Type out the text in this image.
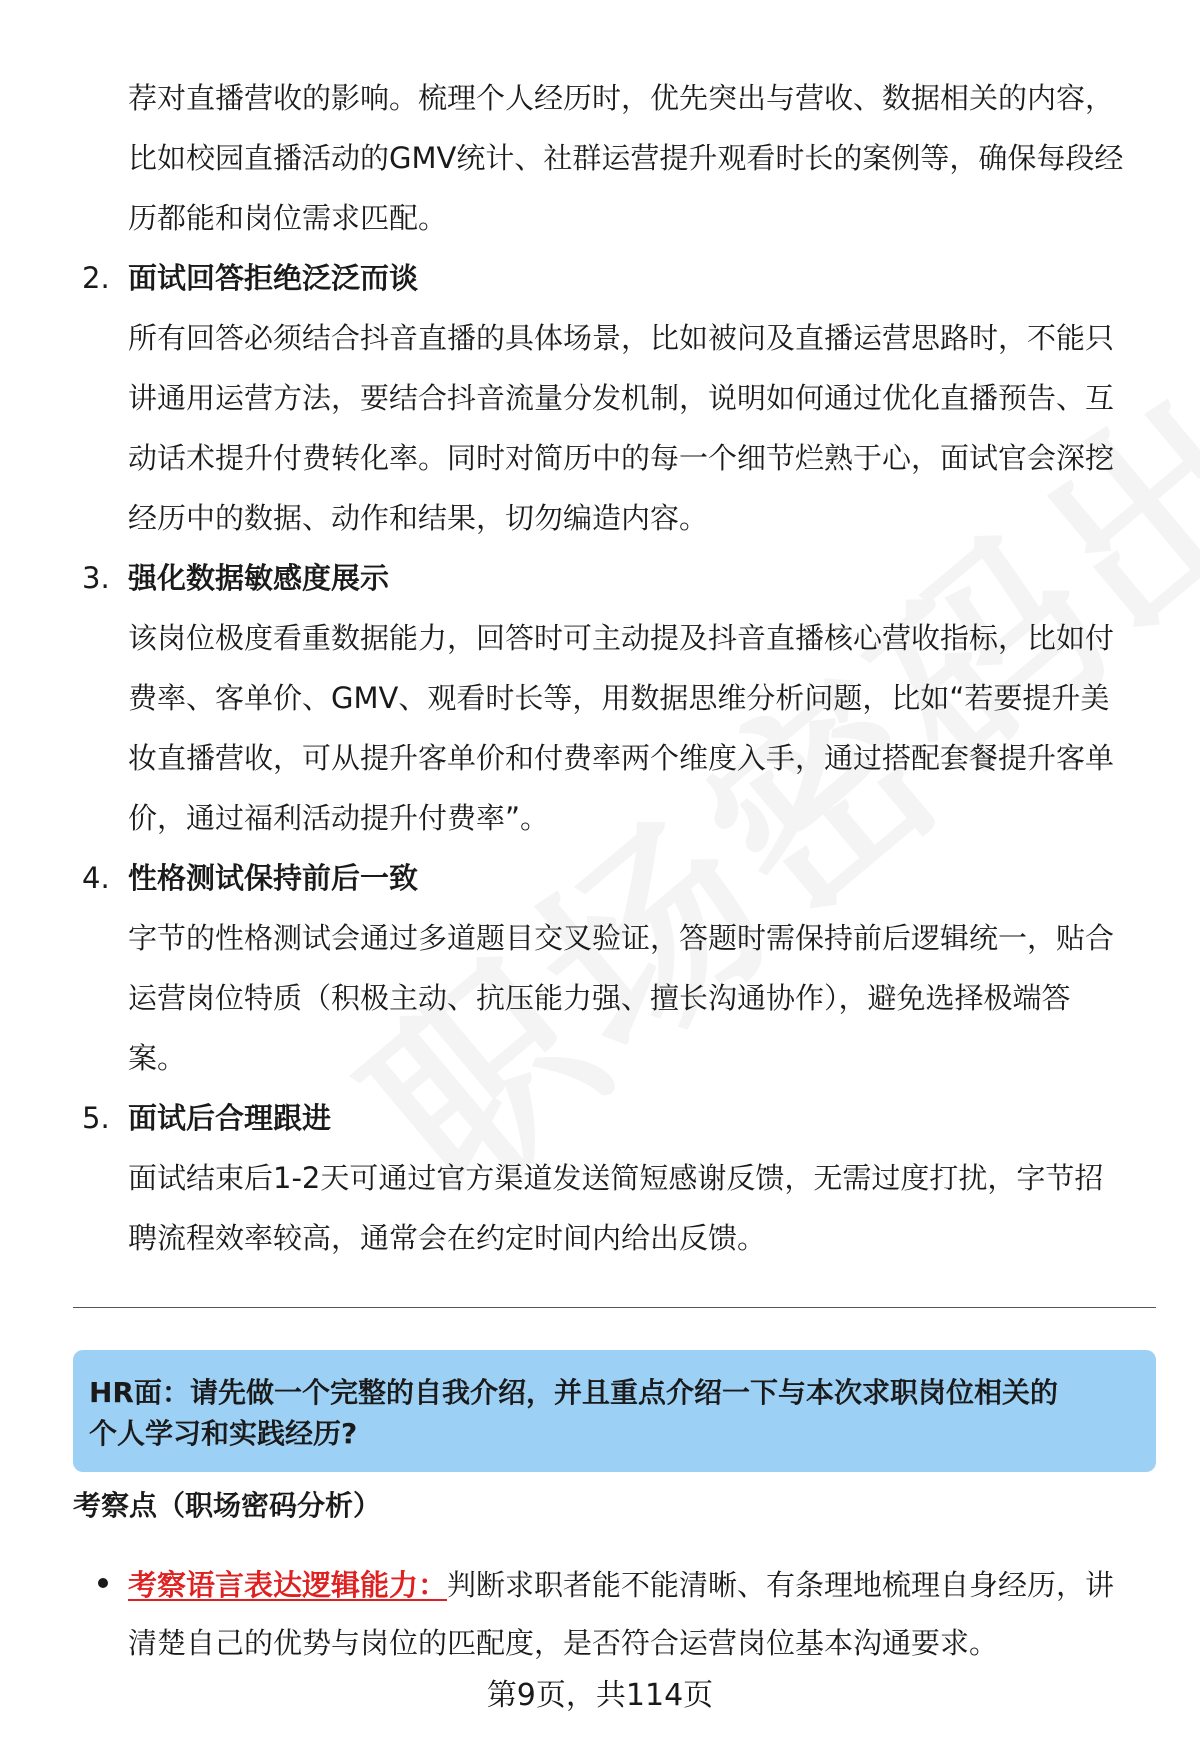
荐对直播营收的影响。梳理个人经历时，优先突出与营收、数据相关的内容，
比如校园直播活动的GMV统计、社群运营提升观看时长的案例等，确保每段经
历都能和岗位需求匹配。
2. 面试回答拒绝泛泛而谈
所有回答必须结合抖音直播的具体场景，比如被问及直播运营思路时，不能只
讲通用运营方法，要结合抖音流量分发机制，说明如何通过优化直播预告、互
动话术提升付费转化率。同时对简历中的每一个细节烂熟于心，面试官会深挖
经历中的数据、动作和结果，切勿编造内容。
3. 强化数据敏感度展示
该岗位极度看重数据能力，回答时可主动提及抖音直播核心营收指标，比如付
费率、客单价、GMV、观看时长等，用数据思维分析问题，比如“若要提升美
妆直播营收，可从提升客单价和付费率两个维度入手，通过搭配套餐提升客单
价，通过福利活动提升付费率”。
4. 性格测试保持前后一致
字节的性格测试会通过多道题目交叉验证，答题时需保持前后逻辑统一，贴合
运营岗位特质（积极主动、抗压能力强、擅长沟通协作），避免选择极端答
案。
5. 面试后合理跟进
面试结束后1-2天可通过官方渠道发送简短感谢反馈，无需过度打扰，字节招
聘流程效率较高，通常会在约定时间内给出反馈。
HR面：请先做一个完整的自我介绍，并且重点介绍一下与本次求职岗位相关的
个人学习和实践经历?
考察点（职场密码分析）
考察语言表达逻辑能力： 判断求职者能不能清晰、有条理地梳理自身经历，讲
清楚自己的优势与岗位的匹配度，是否符合运营岗位基本沟通要求。
第9页，共114页
